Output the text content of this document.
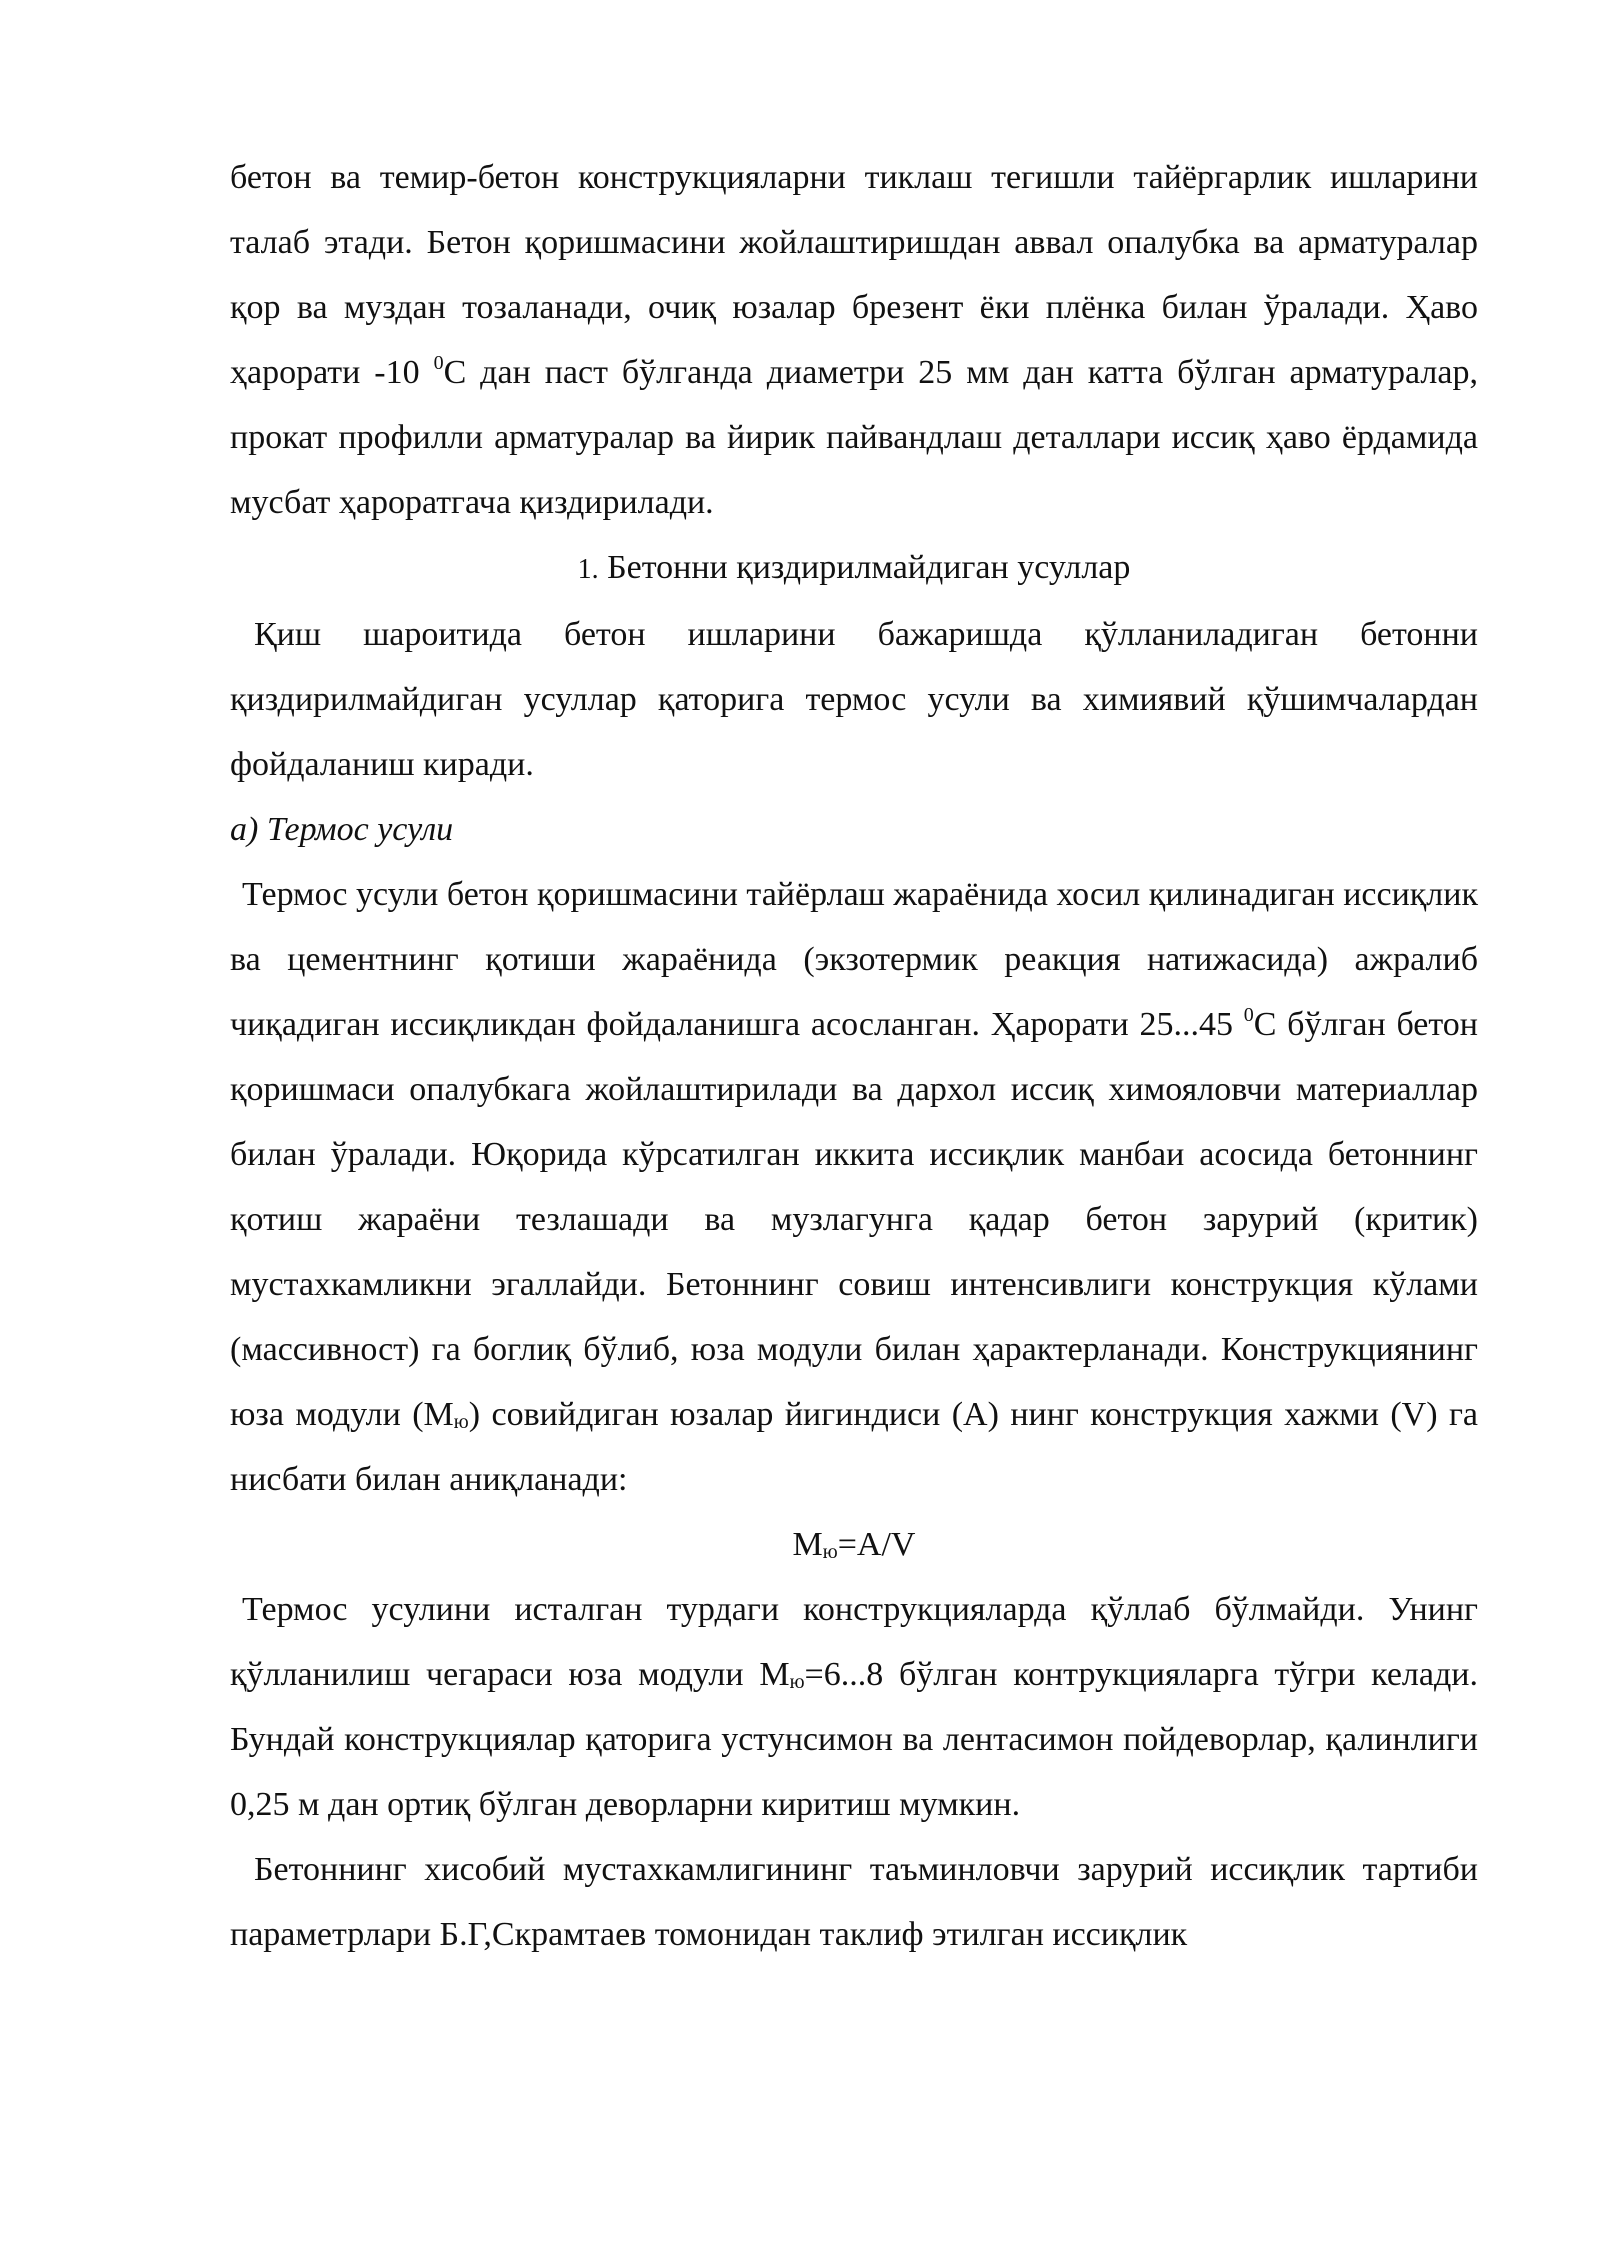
бетон ва темир-бетон конструкцияларни тиклаш тегишли тайёргарлик ишларини талаб этади. Бетон қоришмасини жойлаштиришдан аввал опалубка ва арматуралар қор ва муздан тозаланади, очиқ юзалар брезент ёки плёнка билан ўралади. Ҳаво ҳарорати -10 $^0$С дан паст бўлганда диаметри 25 мм дан катта бўлган арматуралар, прокат профилли арматуралар ва йирик пайвандлаш деталлари иссиқ ҳаво ёрдамида мусбат ҳароратгача қиздирилади.

1. Бетонни қиздирилмайдиган усуллар

Қиш шароитида бетон ишларини бажаришда қўлланиладиган бетонни қиздирилмайдиган усуллар қаторига термос усули ва химиявий қўшимчалардан фойдаланиш киради.

а) Термос усули

Термос усули бетон қоришмасини тайёрлаш жараёнида хосил қилинадиган иссиқлик ва цементнинг қотиши жараёнида (экзотермик реакция натижасида) ажралиб чиқадиган иссиқликдан фойдаланишга асосланган. Ҳарорати 25...45 $^0$С бўлган бетон қоришмаси опалубкага жойлаштирилади ва дархол иссиқ химояловчи материаллар билан ўралади. Юқорида кўрсатилган иккита иссиқлик манбаи асосида бетоннинг қотиш жараёни тезлашади ва музлагунга қадар бетон зарурий (критик) мустахкамликни эгаллайди. Бетоннинг совиш интенсивлиги конструкция кўлами (массивност) га боглиқ бўлиб, юза модули билан ҳарактерланади. Конструкциянинг юза модули $(М_ю)$ совийдиган юзалар йигиндиси (А) нинг конструкция хажми (V) га нисбати билан аниқланади:

$М_ю=A/V$

Термос усулини исталган турдаги конструкцияларда қўллаб бўлмайди. Унинг қўлланилиш чегараси юза модули $М_ю=6...8$ бўлган контрукцияларга тўгри келади. Бундай конструкциялар қаторига устунсимон ва лентасимон пойдеворлар, қалинлиги 0,25 м дан ортиқ бўлган деворларни киритиш мумкин.

Бетоннинг хисобий мустахкамлигининг таъминловчи зарурий иссиқлик тартиби параметрлари Б.Г,Скрамтаев томонидан таклиф этилган иссиқлик
